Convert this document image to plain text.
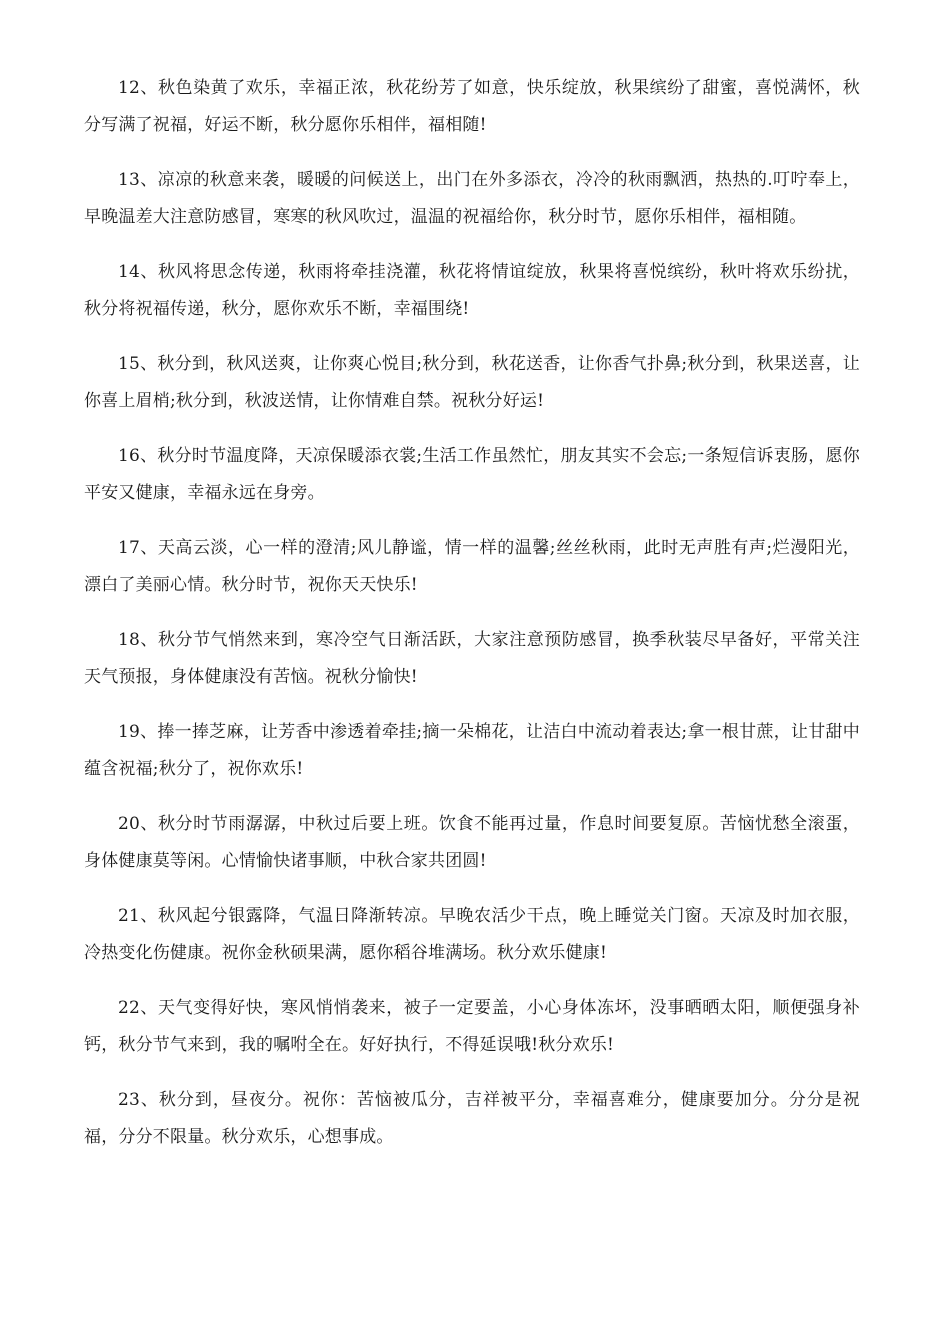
12、秋色染黄了欢乐，幸福正浓，秋花纷芳了如意，快乐绽放，秋果缤纷了甜蜜，喜悦满怀，秋分写满了祝福，好运不断，秋分愿你乐相伴，福相随!

13、凉凉的秋意来袭，暖暖的问候送上，出门在外多添衣，冷冷的秋雨飘洒，热热的.叮咛奉上，早晚温差大注意防感冒，寒寒的秋风吹过，温温的祝福给你，秋分时节，愿你乐相伴，福相随。

14、秋风将思念传递，秋雨将牵挂浇灌，秋花将情谊绽放，秋果将喜悦缤纷，秋叶将欢乐纷扰，秋分将祝福传递，秋分，愿你欢乐不断，幸福围绕!

15、秋分到，秋风送爽，让你爽心悦目;秋分到，秋花送香，让你香气扑鼻;秋分到，秋果送喜，让你喜上眉梢;秋分到，秋波送情，让你情难自禁。祝秋分好运!

16、秋分时节温度降，天凉保暖添衣裳;生活工作虽然忙，朋友其实不会忘;一条短信诉衷肠，愿你平安又健康，幸福永远在身旁。

17、天高云淡，心一样的澄清;风儿静谧，情一样的温馨;丝丝秋雨，此时无声胜有声;烂漫阳光，漂白了美丽心情。秋分时节，祝你天天快乐!

18、秋分节气悄然来到，寒冷空气日渐活跃，大家注意预防感冒，换季秋装尽早备好，平常关注天气预报，身体健康没有苦恼。祝秋分愉快!

19、捧一捧芝麻，让芳香中渗透着牵挂;摘一朵棉花，让洁白中流动着表达;拿一根甘蔗，让甘甜中蕴含祝福;秋分了，祝你欢乐!

20、秋分时节雨潺潺，中秋过后要上班。饮食不能再过量，作息时间要复原。苦恼忧愁全滚蛋，身体健康莫等闲。心情愉快诸事顺，中秋合家共团圆!

21、秋风起兮银露降，气温日降渐转凉。早晚农活少干点，晚上睡觉关门窗。天凉及时加衣服，冷热变化伤健康。祝你金秋硕果满，愿你稻谷堆满场。秋分欢乐健康!

22、天气变得好快，寒风悄悄袭来，被子一定要盖，小心身体冻坏，没事晒晒太阳，顺便强身补钙，秋分节气来到，我的嘱咐全在。好好执行，不得延误哦!秋分欢乐!

23、秋分到，昼夜分。祝你：苦恼被瓜分，吉祥被平分，幸福喜难分，健康要加分。分分是祝福，分分不限量。秋分欢乐，心想事成。
